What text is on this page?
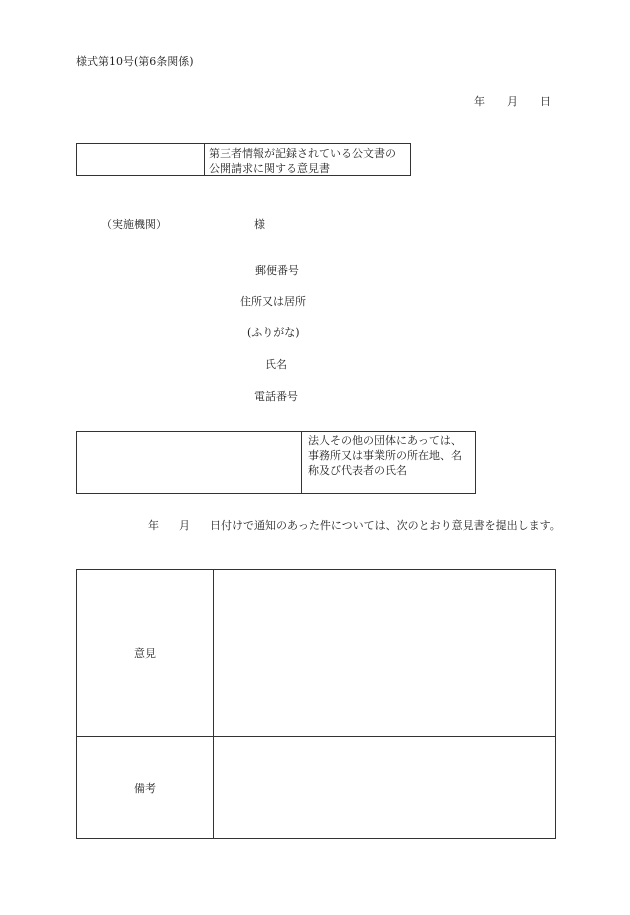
様式第10号(第6条関係)
年 月 日
第三者情報が記録されている公文書の公開請求に関する意見書
（実施機関）	様
郵便番号
住所又は居所
(ふりがな)
氏名
電話番号
法人その他の団体にあっては、事務所又は事業所の所在地、名称及び代表者の氏名
年 月 日付けで通知のあった件については、次のとおり意見書を提出します。
意見
備考
